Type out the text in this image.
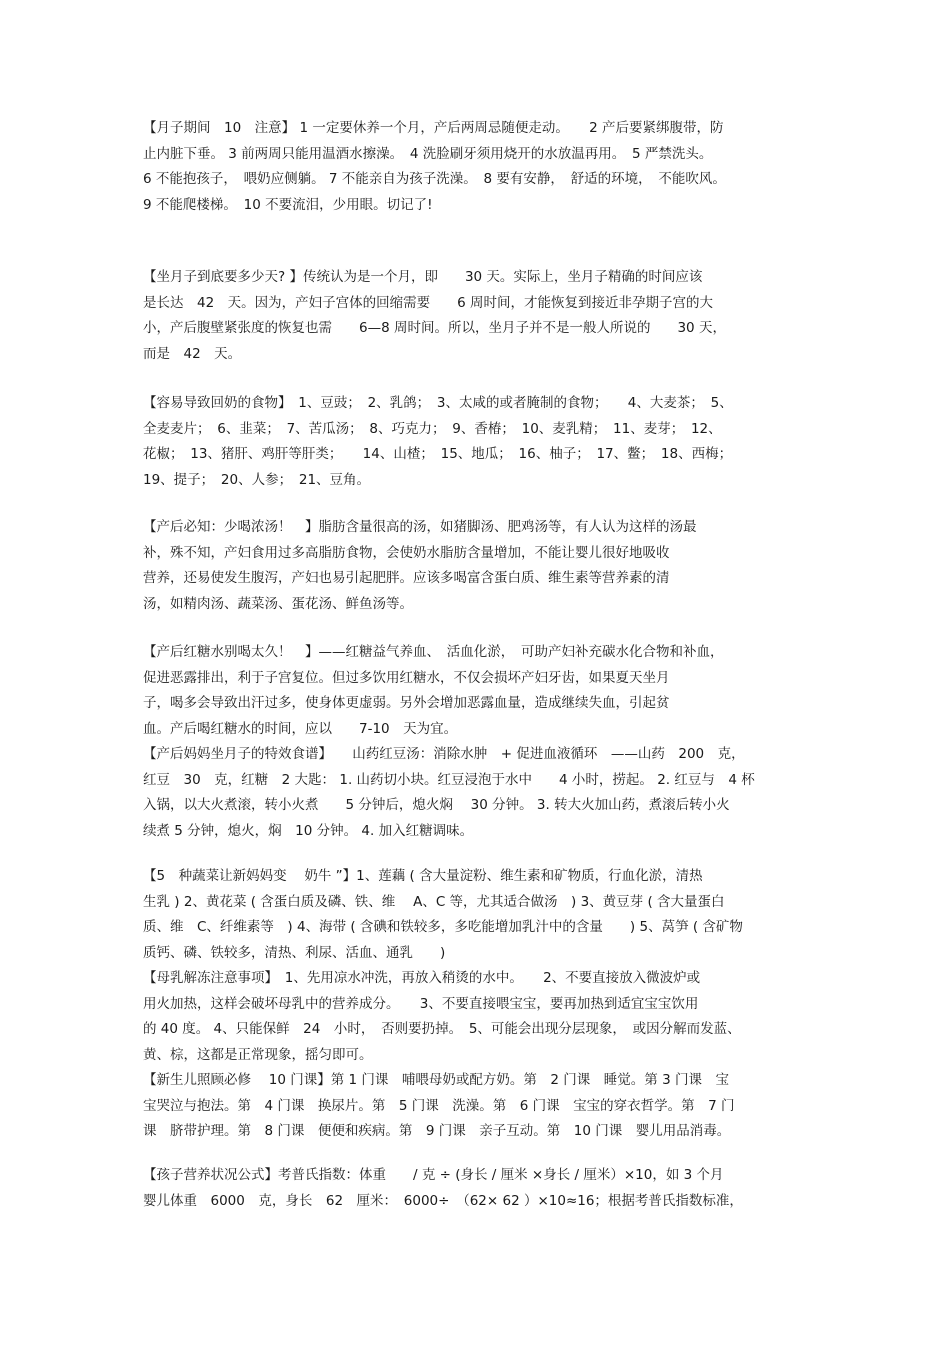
【月子期间　10　注意】 1 一定要休养一个月，产后两周忌随便走动。　　2 产后要紧绑腹带，防
止内脏下垂。 3 前两周只能用温酒水擦澡。　4 洗脸刷牙须用烧开的水放温再用。　5 严禁洗头。
6 不能抱孩子，　喂奶应侧躺。 7 不能亲自为孩子洗澡。　8 要有安静，　舒适的环境，　不能吹风。
9 不能爬楼梯。　10 不要流泪，少用眼。切记了!
【坐月子到底要多少天? 】传统认为是一个月，即　　30 天。实际上，坐月子精确的时间应该
是长达　42　天。因为，产妇子宫体的回缩需要　　6 周时间，才能恢复到接近非孕期子宫的大
小，产后腹壁紧张度的恢复也需　　6—8 周时间。所以，坐月子并不是一般人所说的　　30 天，
而是　42　天。
【容易导致回奶的食物】　1、豆豉；　2、乳鸽；　3、太咸的或者腌制的食物；　　4、大麦茶；　5、
全麦麦片；　6、韭菜；　7、苦瓜汤；　8、巧克力；　9、香椿；　10、麦乳精；　11、麦芽；　12、
花椒；　13、猪肝、鸡肝等肝类；　　14、山楂；　15、地瓜；　16、柚子；　17、鳖；　18、西梅；
19、提子；　20、人参；　21、豆角。
【产后必知：少喝浓汤！　】脂肪含量很高的汤，如猪脚汤、肥鸡汤等，有人认为这样的汤最
补，殊不知，产妇食用过多高脂肪食物，会使奶水脂肪含量增加，不能让婴儿很好地吸收
营养，还易使发生腹泻，产妇也易引起肥胖。应该多喝富含蛋白质、维生素等营养素的清
汤，如精肉汤、蔬菜汤、蛋花汤、鲜鱼汤等。
【产后红糖水别喝太久！　】——红糖益气养血、　活血化淤，　可助产妇补充碳水化合物和补血，
促进恶露排出，利于子宫复位。但过多饮用红糖水，不仅会损坏产妇牙齿，如果夏天坐月
子，喝多会导致出汗过多，使身体更虚弱。另外会增加恶露血量，造成继续失血，引起贫
血。产后喝红糖水的时间，应以　　7-10　天为宜。
【产后妈妈坐月子的特效食谱】　　山药红豆汤：消除水肿　+ 促进血液循环　——山药　200　克，
红豆　30　克，红糖　2 大匙： 1. 山药切小块。红豆浸泡于水中　　4 小时，捞起。 2. 红豆与　4 杯
入锅，以大火煮滚，转小火煮　　5 分钟后，熄火焖　 30 分钟。 3. 转大火加山药，煮滚后转小火
续煮 5 分钟，熄火，焖　10 分钟。 4. 加入红糖调味。
【5　种蔬菜让新妈妈变　 奶牛 ”】1、莲藕 ( 含大量淀粉、维生素和矿物质，行血化淤，清热
生乳 ) 2、黄花菜 ( 含蛋白质及磷、铁、维　 A、C 等，尤其适合做汤　) 3、黄豆芽 ( 含大量蛋白
质、维　C、纤维素等　) 4、海带 ( 含碘和铁较多，多吃能增加乳汁中的含量　　) 5、莴笋 ( 含矿物
质钙、磷、铁较多，清热、利尿、活血、通乳　　)
【母乳解冻注意事项】　1、先用凉水冲洗，再放入稍烫的水中。　　2、不要直接放入微波炉或
用火加热，这样会破坏母乳中的营养成分。　　3、不要直接喂宝宝，要再加热到适宜宝宝饮用
的 40 度。 4、只能保鲜　24　小时，　否则要扔掉。　5、可能会出现分层现象，　或因分解而发蓝、
黄、棕，这都是正常现象，摇匀即可。
【新生儿照顾必修　 10 门课】第 1 门课　哺喂母奶或配方奶。第　2 门课　睡觉。第 3 门课　宝
宝哭泣与抱法。第　4 门课　换尿片。第　5 门课　洗澡。第　6 门课　宝宝的穿衣哲学。第　7 门
课　脐带护理。第　8 门课　便便和疾病。第　9 门课　亲子互动。第　10 门课　婴儿用品消毒。
【孩子营养状况公式】考普氏指数：体重　　/ 克 ÷ (身长 / 厘米 ×身长 / 厘米）×10，如 3 个月
婴儿体重　6000　克，身长　62　厘米：　6000÷　（62× 62 ）×10≈16；根据考普氏指数标准，
